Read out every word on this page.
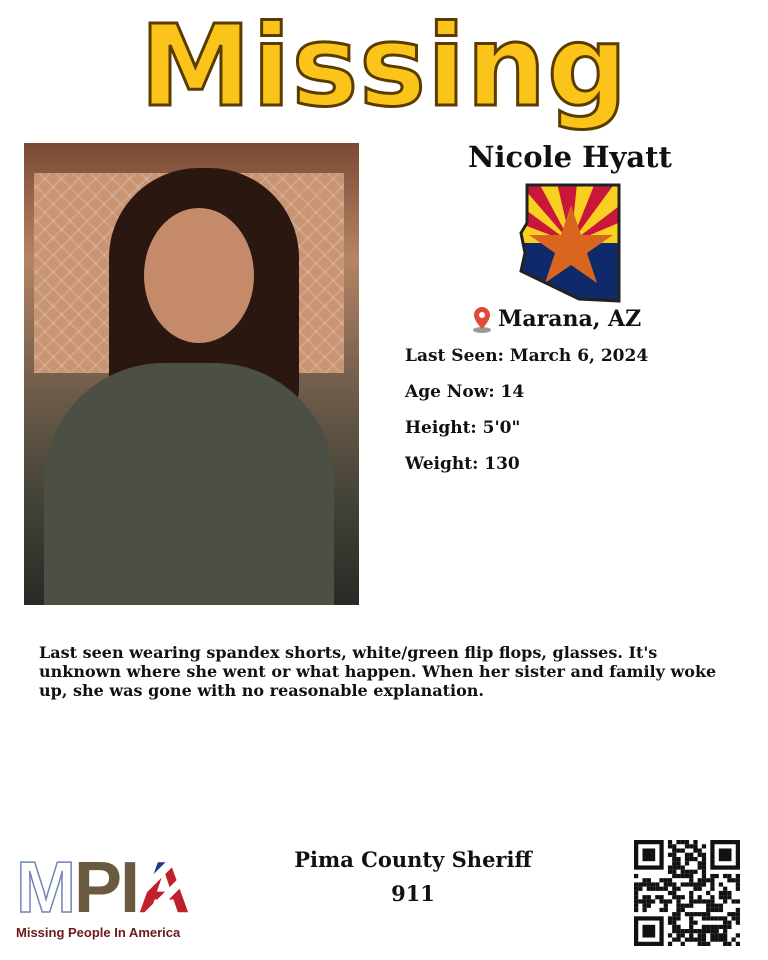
Missing
Nicole Hyatt
Marana, AZ
Last Seen: March 6, 2024
Age Now: 14
Height: 5'0"
Weight: 130
Last seen wearing spandex shorts, white/green flip flops, glasses. It's unknown where she went or what happen. When her sister and family woke up, she was gone with no reasonable explanation.
M PI A
Missing People In America
Pima County Sheriff
911
